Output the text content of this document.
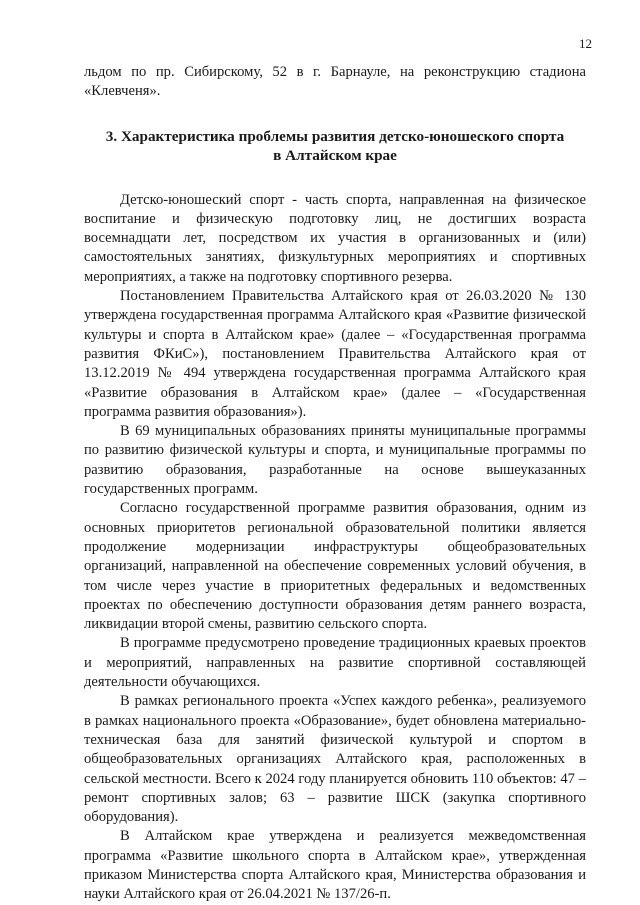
12

льдом по пр. Сибирскому, 52 в г. Барнауле, на реконструкцию стадиона «Клевченя».

3. Характеристика проблемы развития детско-юношеского спорта
в Алтайском крае

Детско-юношеский спорт - часть спорта, направленная на физическое воспитание и физическую подготовку лиц, не достигших возраста восемнадцати лет, посредством их участия в организованных и (или) самостоятельных занятиях, физкультурных мероприятиях и спортивных мероприятиях, а также на подготовку спортивного резерва.

Постановлением Правительства Алтайского края от 26.03.2020 № 130 утверждена государственная программа Алтайского края «Развитие физической культуры и спорта в Алтайском крае» (далее – «Государственная программа развития ФКиС»), постановлением Правительства Алтайского края от 13.12.2019 № 494 утверждена государственная программа Алтайского края «Развитие образования в Алтайском крае» (далее – «Государственная программа развития образования»).

В 69 муниципальных образованиях приняты муниципальные программы по развитию физической культуры и спорта, и муниципальные программы по развитию образования, разработанные на основе вышеуказанных государственных программ.

Согласно государственной программе развития образования, одним из основных приоритетов региональной образовательной политики является продолжение модернизации инфраструктуры общеобразовательных организаций, направленной на обеспечение современных условий обучения, в том числе через участие в приоритетных федеральных и ведомственных проектах по обеспечению доступности образования детям раннего возраста, ликвидации второй смены, развитию сельского спорта.

В программе предусмотрено проведение традиционных краевых проектов и мероприятий, направленных на развитие спортивной составляющей деятельности обучающихся.

В рамках регионального проекта «Успех каждого ребенка», реализуемого в рамках национального проекта «Образование», будет обновлена материально-техническая база для занятий физической культурой и спортом в общеобразовательных организациях Алтайского края, расположенных в сельской местности. Всего к 2024 году планируется обновить 110 объектов: 47 – ремонт спортивных залов; 63 – развитие ШСК (закупка спортивного оборудования).

В Алтайском крае утверждена и реализуется межведомственная программа «Развитие школьного спорта в Алтайском крае», утвержденная приказом Министерства спорта Алтайского края, Министерства образования и науки Алтайского края от 26.04.2021 № 137/26-п.
